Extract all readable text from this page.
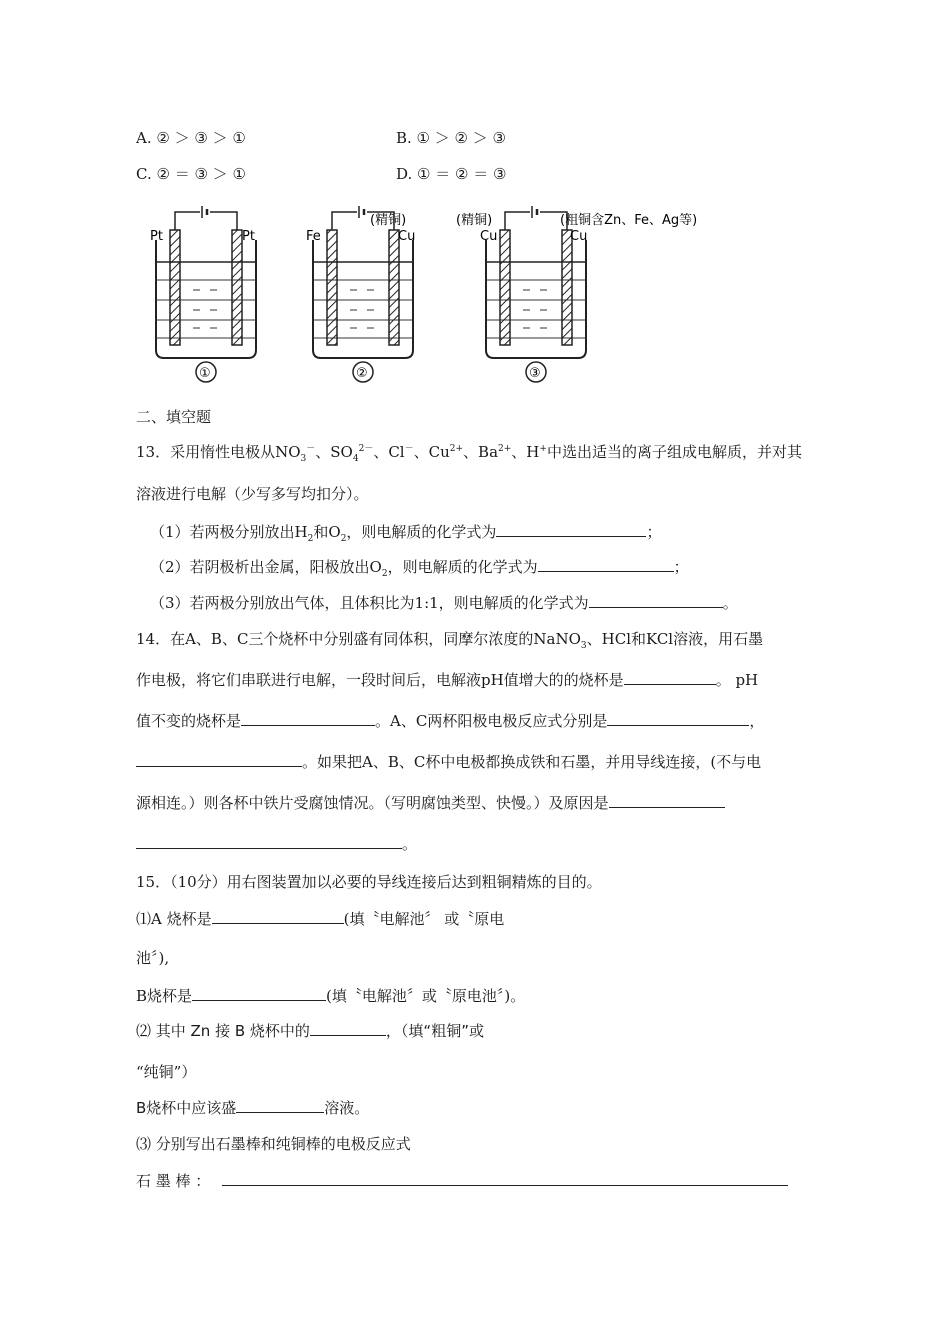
A. ② ＞ ③ ＞ ①	B. ① ＞ ② ＞ ③
C. ② ＝ ③ ＞ ①	D. ① ＝ ② ＝ ③
Pt	Pt
①
Fe	Cu
(精铜)
②
Cu	Cu
(精铜)	(粗铜含Zn、Fe、Ag等)
③
二、填空题
13．采用惰性电极从$NO_3^-$、$SO_4^{2-}$、Cl－、$Cu^{2+}$、$Ba^{2+}$、H+中选出适当的离子组成电解质，并对其
溶液进行电解（少写多写均扣分）。
（1）若两极分别放出$H_2$和$O_2$，则电解质的化学式为	；
（2）若阴极析出金属，阳极放出$O_2$，则电解质的化学式为	；
（3）若两极分别放出气体，且体积比为1:1，则电解质的化学式为	。
14．在A、B、C三个烧杯中分别盛有同体积，同摩尔浓度的NaNO$_3$、HCl和KCl溶液，用石墨
作电极，将它们串联进行电解，一段时间后，电解液pH值增大的的烧杯是	。 pH
值不变的烧杯是	。A、C两杯阳极电极反应式分别是	，
。如果把A、B、C杯中电极都换成铁和石墨，并用导线连接，(不与电
源相连。）则各杯中铁片受腐蚀情况。（写明腐蚀类型、快慢。）及原因是
。
15．（10分）用右图装置加以必要的导线连接后达到粗铜精炼的目的。
⑴A 烧杯是	(填〝电解池〞 或〝原电
池〞),
B烧杯是	(填〝电解池〞或〝原电池〞)。
⑵ 其中 Zn 接 B 烧杯中的	，（填“粗铜”或
“纯铜”）
B烧杯中应该盛	溶液。
⑶ 分别写出石墨棒和纯铜棒的电极反应式
石 墨 棒 ：
